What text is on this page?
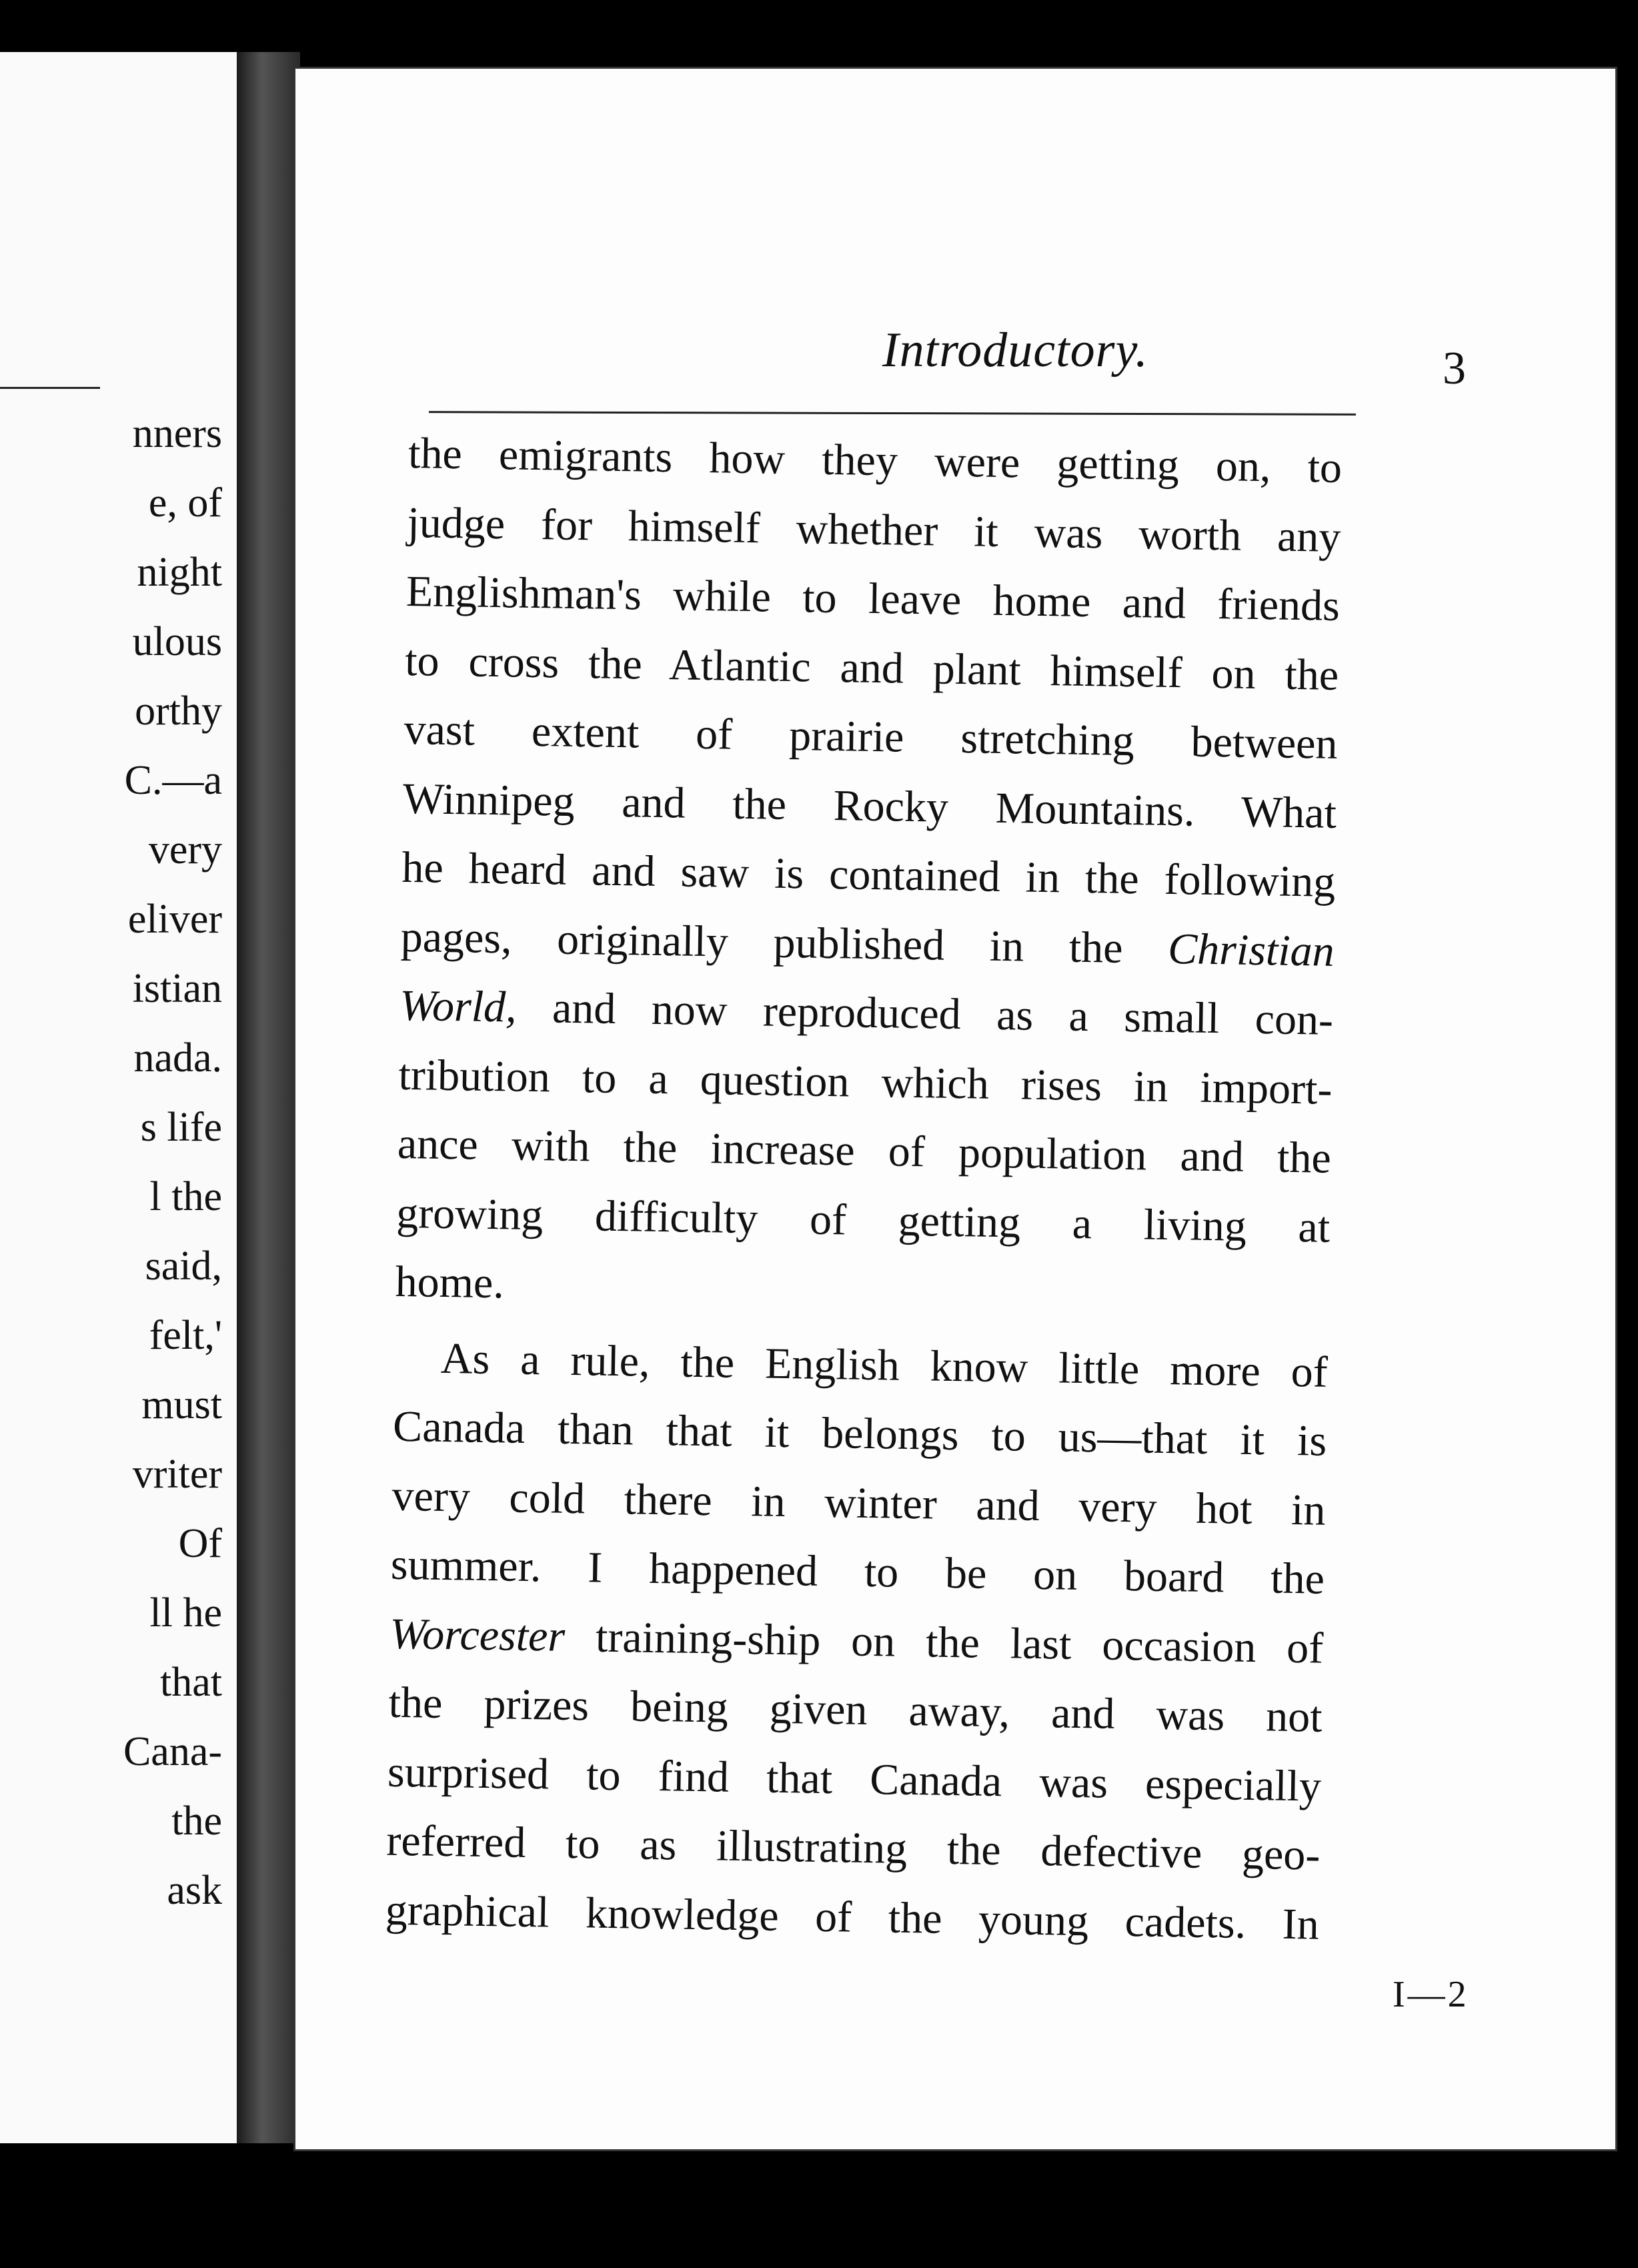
nners
e, of
night
ulous
orthy
C.—a
very
eliver
istian
nada.
s life
l the
said,
felt,'
must
vriter
Of
ll he
that
Cana-
the
ask
Introductory.	3

the emigrants how they were getting on, to
judge for himself whether it was worth any
Englishman's while to leave home and friends
to cross the Atlantic and plant himself on the
vast extent of prairie stretching between
Winnipeg and the Rocky Mountains. What
he heard and saw is contained in the following
pages, originally published in the Christian
World, and now reproduced as a small con-
tribution to a question which rises in import-
ance with the increase of population and the
growing difficulty of getting a living at
home.

As a rule, the English know little more of
Canada than that it belongs to us—that it is
very cold there in winter and very hot in
summer. I happened to be on board the
Worcester training-ship on the last occasion of
the prizes being given away, and was not
surprised to find that Canada was especially
referred to as illustrating the defective geo-
graphical knowledge of the young cadets. In

I—2
